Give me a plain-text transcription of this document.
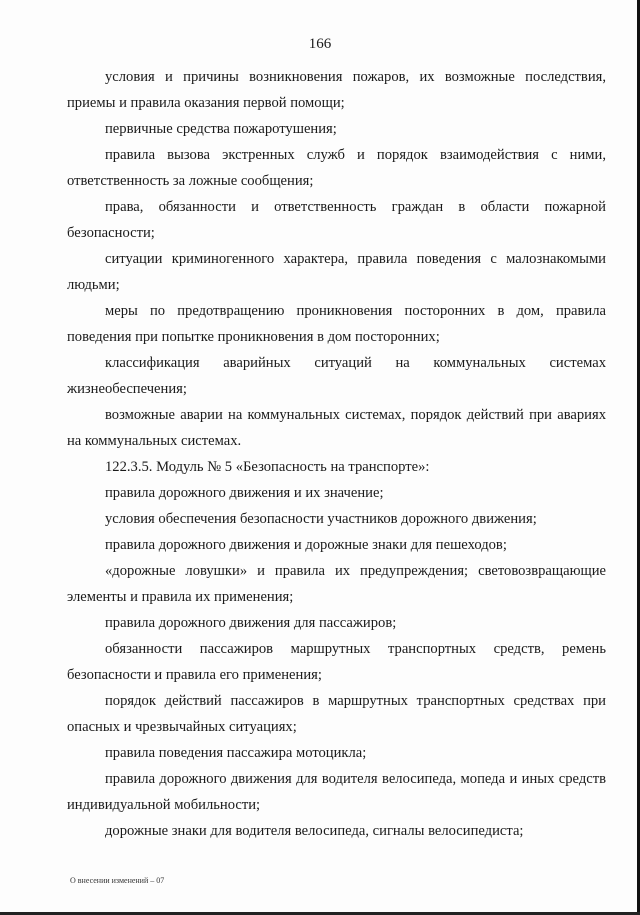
166

условия и причины возникновения пожаров, их возможные последствия, приемы и правила оказания первой помощи;

первичные средства пожаротушения;

правила вызова экстренных служб и порядок взаимодействия с ними, ответственность за ложные сообщения;

права, обязанности и ответственность граждан в области пожарной безопасности;

ситуации криминогенного характера, правила поведения с малознакомыми людьми;

меры по предотвращению проникновения посторонних в дом, правила поведения при попытке проникновения в дом посторонних;

классификация аварийных ситуаций на коммунальных системах жизнеобеспечения;

возможные аварии на коммунальных системах, порядок действий при авариях на коммунальных системах.

122.3.5. Модуль № 5 «Безопасность на транспорте»:

правила дорожного движения и их значение;

условия обеспечения безопасности участников дорожного движения;

правила дорожного движения и дорожные знаки для пешеходов;

«дорожные ловушки» и правила их предупреждения; световозвращающие элементы и правила их применения;

правила дорожного движения для пассажиров;

обязанности пассажиров маршрутных транспортных средств, ремень безопасности и правила его применения;

порядок действий пассажиров в маршрутных транспортных средствах при опасных и чрезвычайных ситуациях;

правила поведения пассажира мотоцикла;

правила дорожного движения для водителя велосипеда, мопеда и иных средств индивидуальной мобильности;

дорожные знаки для водителя велосипеда, сигналы велосипедиста;

О внесении изменений – 07
